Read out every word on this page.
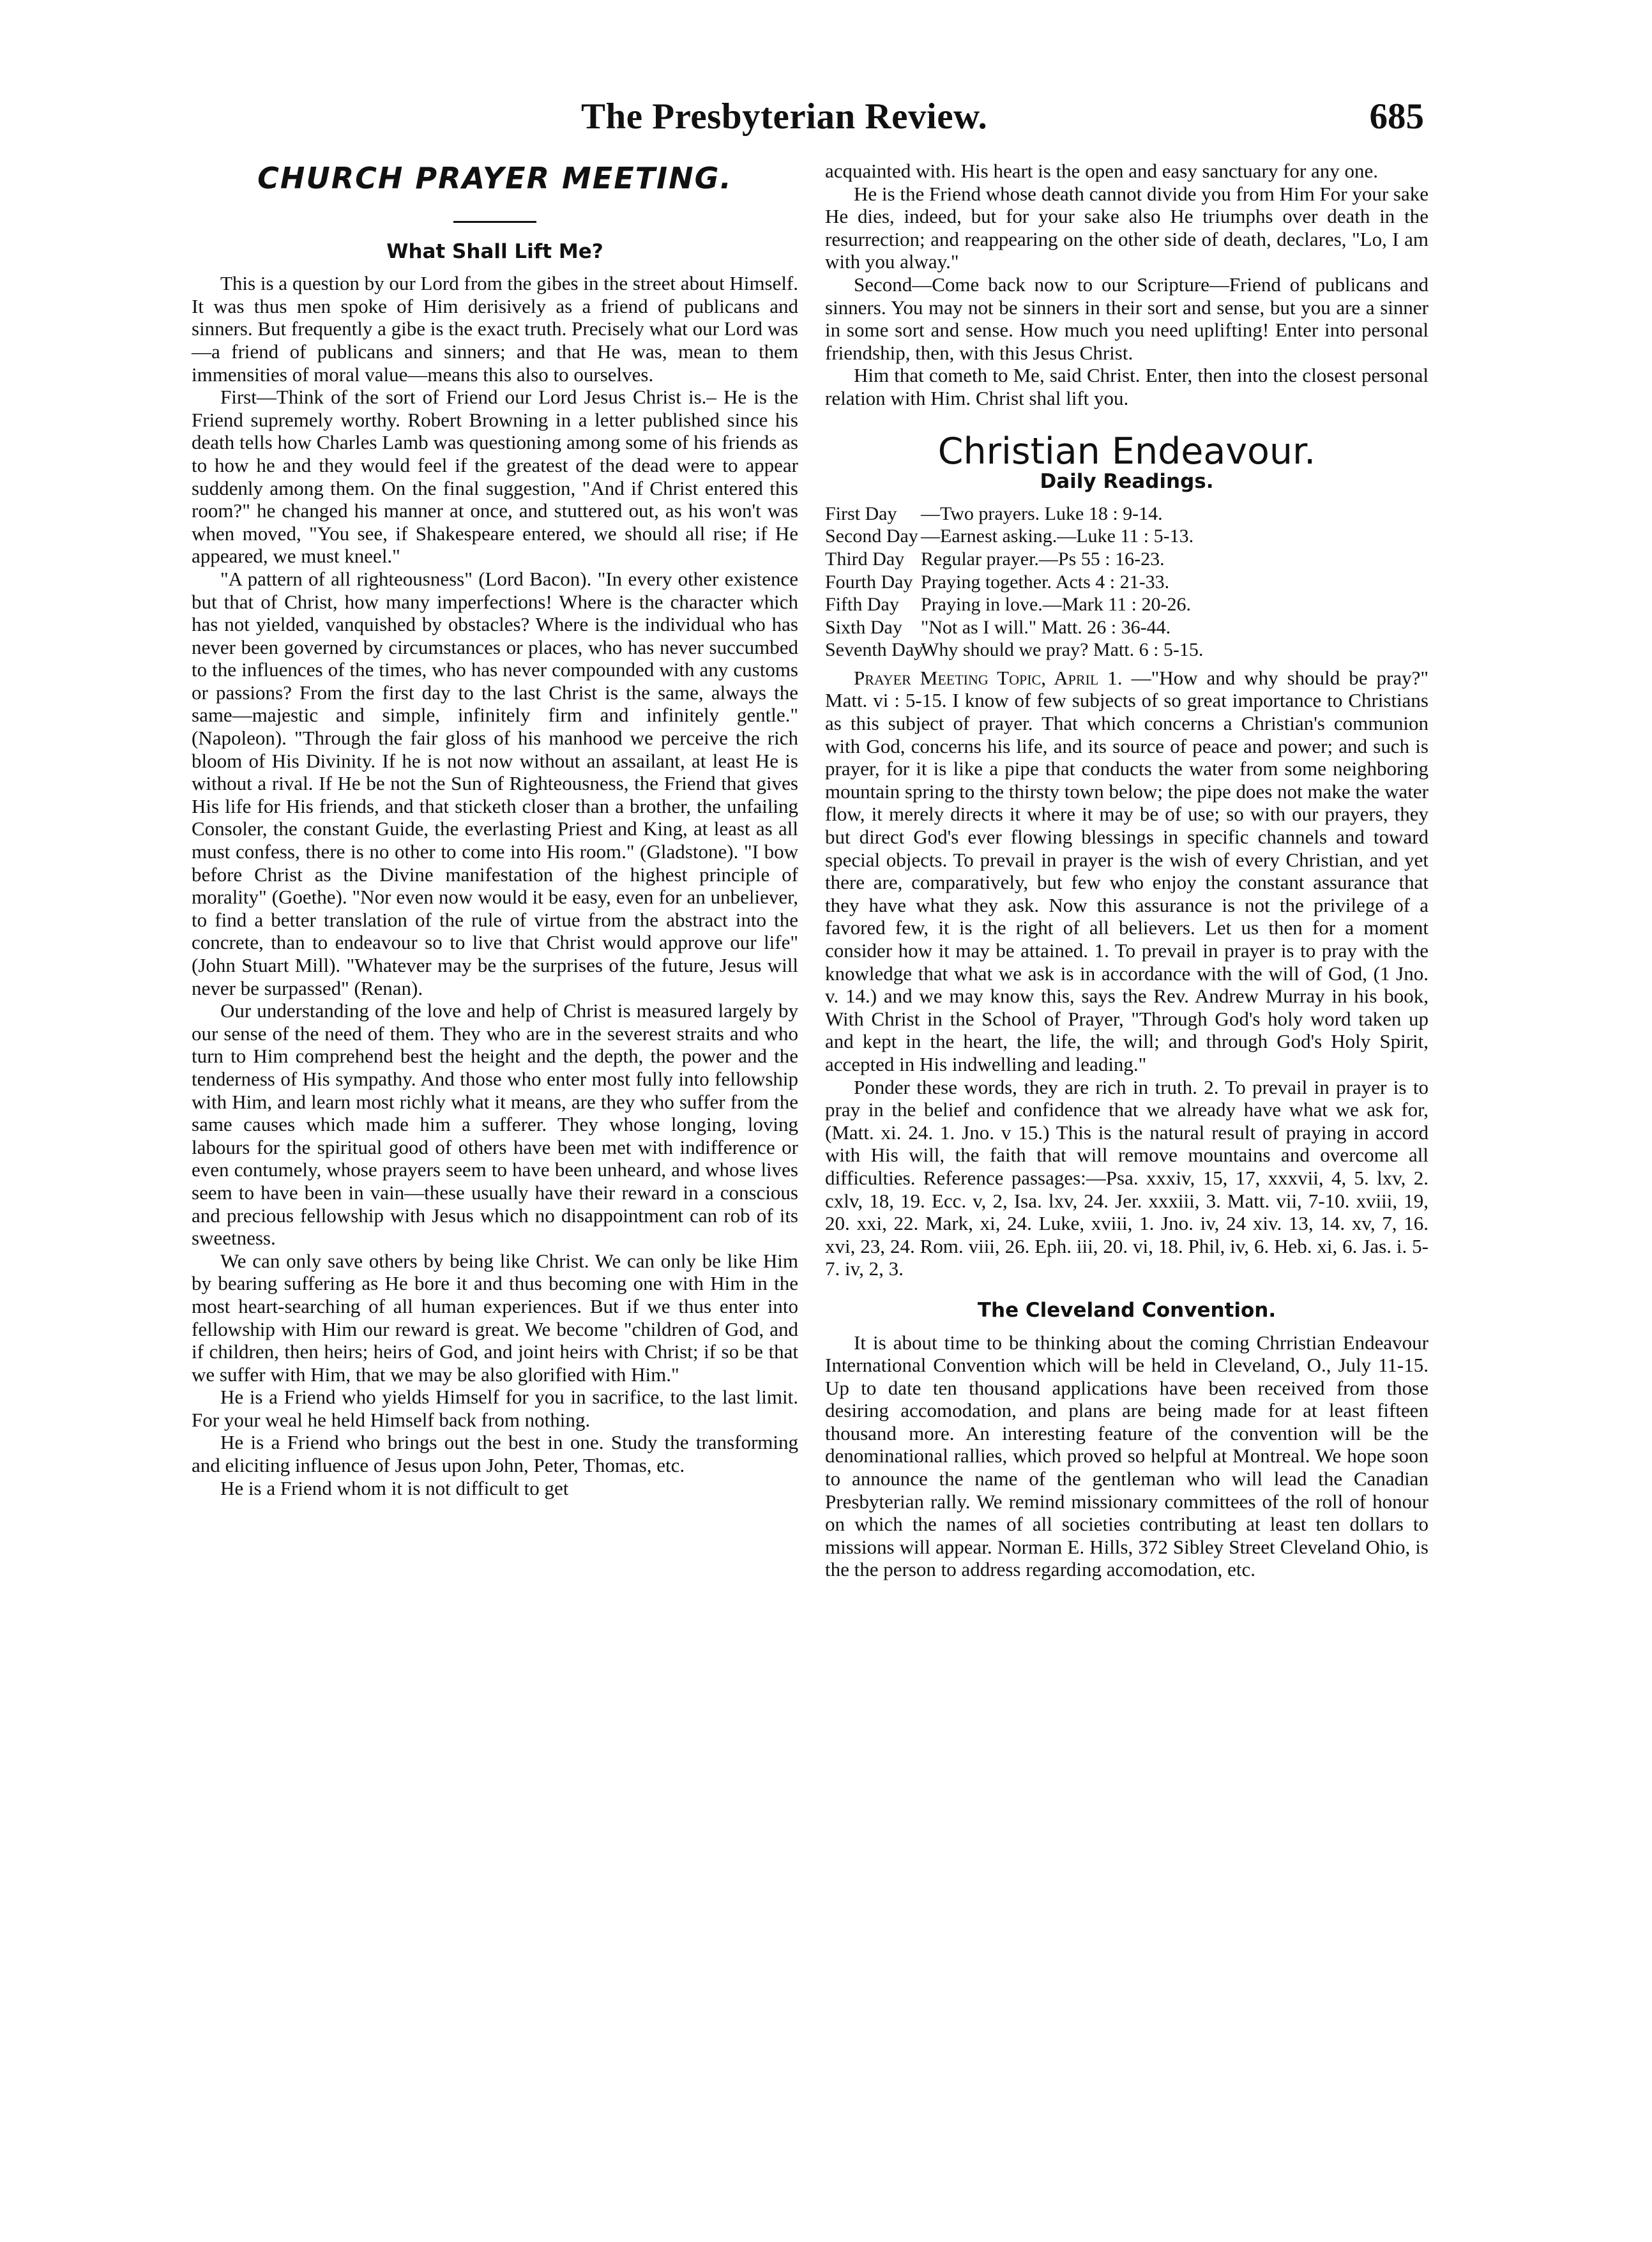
The Presbyterian Review.	685
CHURCH PRAYER MEETING.
What Shall Lift Me?

This is a question by our Lord from the gibes in the street about Himself. It was thus men spoke of Him derisively as a friend of publicans and sinners. But frequently a gibe is the exact truth. Precisely what our Lord was—a friend of publicans and sinners; and that He was, mean to them immensities of moral value—means this also to ourselves.

First—Think of the sort of Friend our Lord Jesus Christ is.– He is the Friend supremely worthy. Robert Browning in a letter published since his death tells how Charles Lamb was questioning among some of his friends as to how he and they would feel if the greatest of the dead were to appear suddenly among them. On the final suggestion, "And if Christ entered this room?" he changed his manner at once, and stuttered out, as his won't was when moved, "You see, if Shakespeare entered, we should all rise; if He appeared, we must kneel."

"A pattern of all righteousness" (Lord Bacon). "In every other existence but that of Christ, how many imperfections! Where is the character which has not yielded, vanquished by obstacles? Where is the individual who has never been governed by circumstances or places, who has never succumbed to the influences of the times, who has never compounded with any customs or passions? From the first day to the last Christ is the same, always the same—majestic and simple, infinitely firm and infinitely gentle." (Napoleon). "Through the fair gloss of his manhood we perceive the rich bloom of His Divinity. If he is not now without an assailant, at least He is without a rival. If He be not the Sun of Righteousness, the Friend that gives His life for His friends, and that sticketh closer than a brother, the unfailing Consoler, the constant Guide, the everlasting Priest and King, at least as all must confess, there is no other to come into His room." (Gladstone). "I bow before Christ as the Divine manifestation of the highest principle of morality" (Goethe). "Nor even now would it be easy, even for an unbeliever, to find a better translation of the rule of virtue from the abstract into the concrete, than to endeavour so to live that Christ would approve our life" (John Stuart Mill). "Whatever may be the surprises of the future, Jesus will never be surpassed" (Renan).

Our understanding of the love and help of Christ is measured largely by our sense of the need of them. They who are in the severest straits and who turn to Him comprehend best the height and the depth, the power and the tenderness of His sympathy. And those who enter most fully into fellowship with Him, and learn most richly what it means, are they who suffer from the same causes which made him a sufferer. They whose longing, loving labours for the spiritual good of others have been met with indifference or even contumely, whose prayers seem to have been unheard, and whose lives seem to have been in vain—these usually have their reward in a conscious and precious fellowship with Jesus which no disappointment can rob of its sweetness.

We can only save others by being like Christ. We can only be like Him by bearing suffering as He bore it and thus becoming one with Him in the most heart-searching of all human experiences. But if we thus enter into fellowship with Him our reward is great. We become "children of God, and if children, then heirs; heirs of God, and joint heirs with Christ; if so be that we suffer with Him, that we may be also glorified with Him."

He is a Friend who yields Himself for you in sacrifice, to the last limit. For your weal he held Himself back from nothing.

He is a Friend who brings out the best in one. Study the transforming and eliciting influence of Jesus upon John, Peter, Thomas, etc.

He is a Friend whom it is not difficult to get

acquainted with. His heart is the open and easy sanctuary for any one.

He is the Friend whose death cannot divide you from Him For your sake He dies, indeed, but for your sake also He triumphs over death in the resurrection; and reappearing on the other side of death, declares, "Lo, I am with you alway."

Second—Come back now to our Scripture—Friend of publicans and sinners. You may not be sinners in their sort and sense, but you are a sinner in some sort and sense. How much you need uplifting! Enter into personal friendship, then, with this Jesus Christ.

Him that cometh to Me, said Christ. Enter, then into the closest personal relation with Him. Christ shal lift you.

Christian Endeavour.
Daily Readings.
First Day —Two prayers. Luke 18 : 9-14.
Second Day —Earnest asking.—Luke 11 : 5-13.
Third Day Regular prayer.—Ps 55 : 16-23.
Fourth Day Praying together. Acts 4 : 21-33.
Fifth Day Praying in love.—Mark 11 : 20-26.
Sixth Day "Not as I will." Matt. 26 : 36-44.
Seventh DayWhy should we pray? Matt. 6 : 5-15.

Prayer Meeting Topic, April 1. —"How and why should be pray?" Matt. vi : 5-15. I know of few subjects of so great importance to Christians as this subject of prayer. That which concerns a Christian's communion with God, concerns his life, and its source of peace and power; and such is prayer, for it is like a pipe that conducts the water from some neighboring mountain spring to the thirsty town below; the pipe does not make the water flow, it merely directs it where it may be of use; so with our prayers, they but direct God's ever flowing blessings in specific channels and toward special objects. To prevail in prayer is the wish of every Christian, and yet there are, comparatively, but few who enjoy the constant assurance that they have what they ask. Now this assurance is not the privilege of a favored few, it is the right of all believers. Let us then for a moment consider how it may be attained. 1. To prevail in prayer is to pray with the knowledge that what we ask is in accordance with the will of God, (1 Jno. v. 14.) and we may know this, says the Rev. Andrew Murray in his book, With Christ in the School of Prayer, "Through God's holy word taken up and kept in the heart, the life, the will; and through God's Holy Spirit, accepted in His indwelling and leading."

Ponder these words, they are rich in truth. 2. To prevail in prayer is to pray in the belief and confidence that we already have what we ask for, (Matt. xi. 24. 1. Jno. v 15.) This is the natural result of praying in accord with His will, the faith that will remove mountains and overcome all difficulties. Reference passages:—Psa. xxxiv, 15, 17, xxxvii, 4, 5. lxv, 2. cxlv, 18, 19. Ecc. v, 2, Isa. lxv, 24. Jer. xxxiii, 3. Matt. vii, 7-10. xviii, 19, 20. xxi, 22. Mark, xi, 24. Luke, xviii, 1. Jno. iv, 24 xiv. 13, 14. xv, 7, 16. xvi, 23, 24. Rom. viii, 26. Eph. iii, 20. vi, 18. Phil, iv, 6. Heb. xi, 6. Jas. i. 5-7. iv, 2, 3.

The Cleveland Convention.

It is about time to be thinking about the coming Chrristian Endeavour International Convention which will be held in Cleveland, O., July 11-15. Up to date ten thousand applications have been received from those desiring accomodation, and plans are being made for at least fifteen thousand more. An interesting feature of the convention will be the denominational rallies, which proved so helpful at Montreal. We hope soon to announce the name of the gentleman who will lead the Canadian Presbyterian rally. We remind missionary committees of the roll of honour on which the names of all societies contributing at least ten dollars to missions will appear. Norman E. Hills, 372 Sibley Street Cleveland Ohio, is the the person to address regarding accomodation, etc.
